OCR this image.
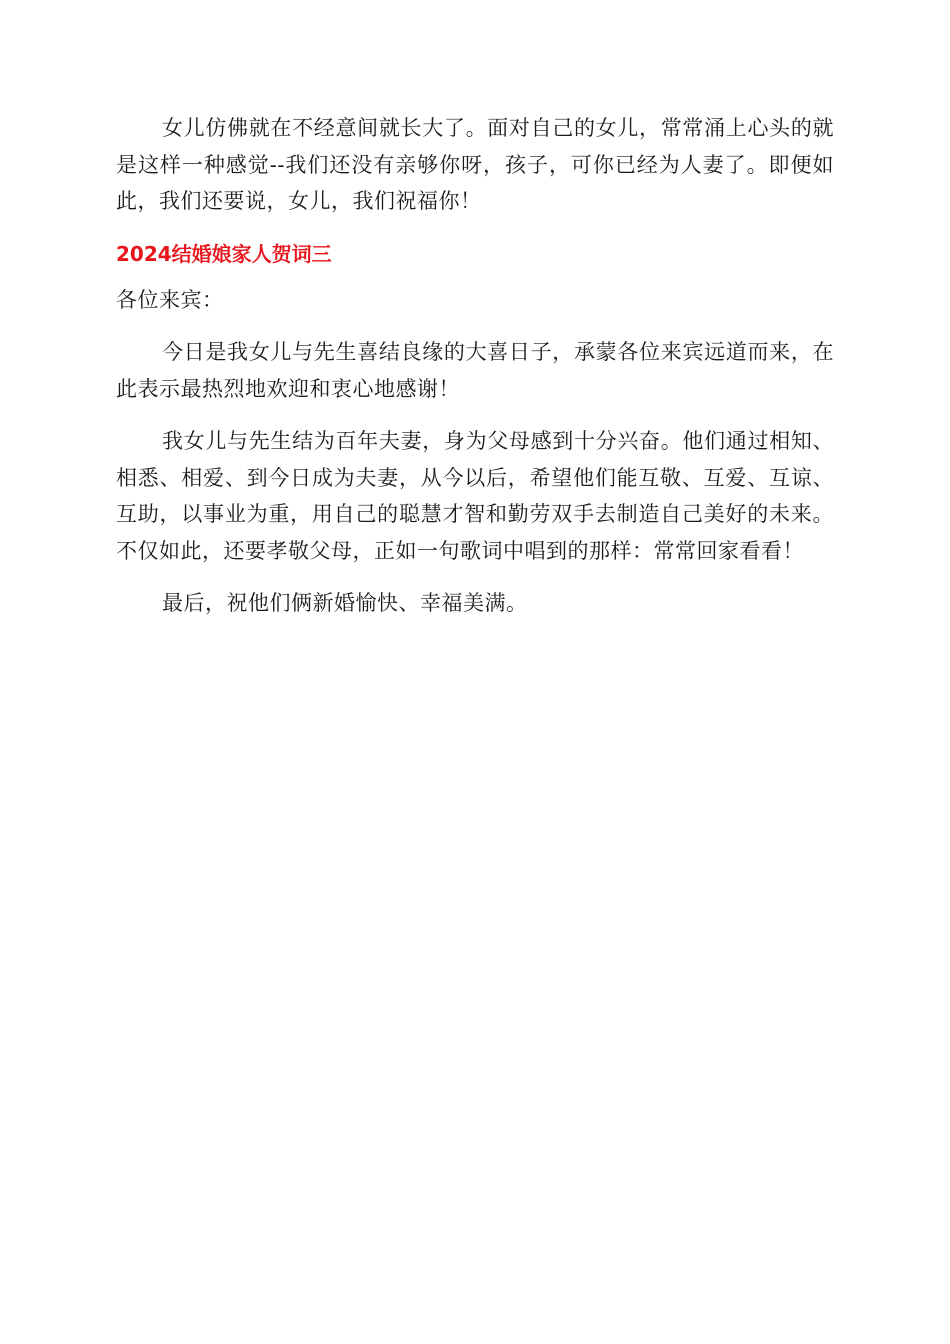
女儿仿佛就在不经意间就长大了。面对自己的女儿，常常涌上心头的就是这样一种感觉--我们还没有亲够你呀，孩子，可你已经为人妻了。即便如此，我们还要说，女儿，我们祝福你！

2024结婚娘家人贺词三

各位来宾：

今日是我女儿与先生喜结良缘的大喜日子，承蒙各位来宾远道而来，在此表示最热烈地欢迎和衷心地感谢！

我女儿与先生结为百年夫妻，身为父母感到十分兴奋。他们通过相知、相悉、相爱、到今日成为夫妻，从今以后，希望他们能互敬、互爱、互谅、互助，以事业为重，用自己的聪慧才智和勤劳双手去制造自己美好的未来。不仅如此，还要孝敬父母，正如一句歌词中唱到的那样：常常回家看看！

最后，祝他们俩新婚愉快、幸福美满。
